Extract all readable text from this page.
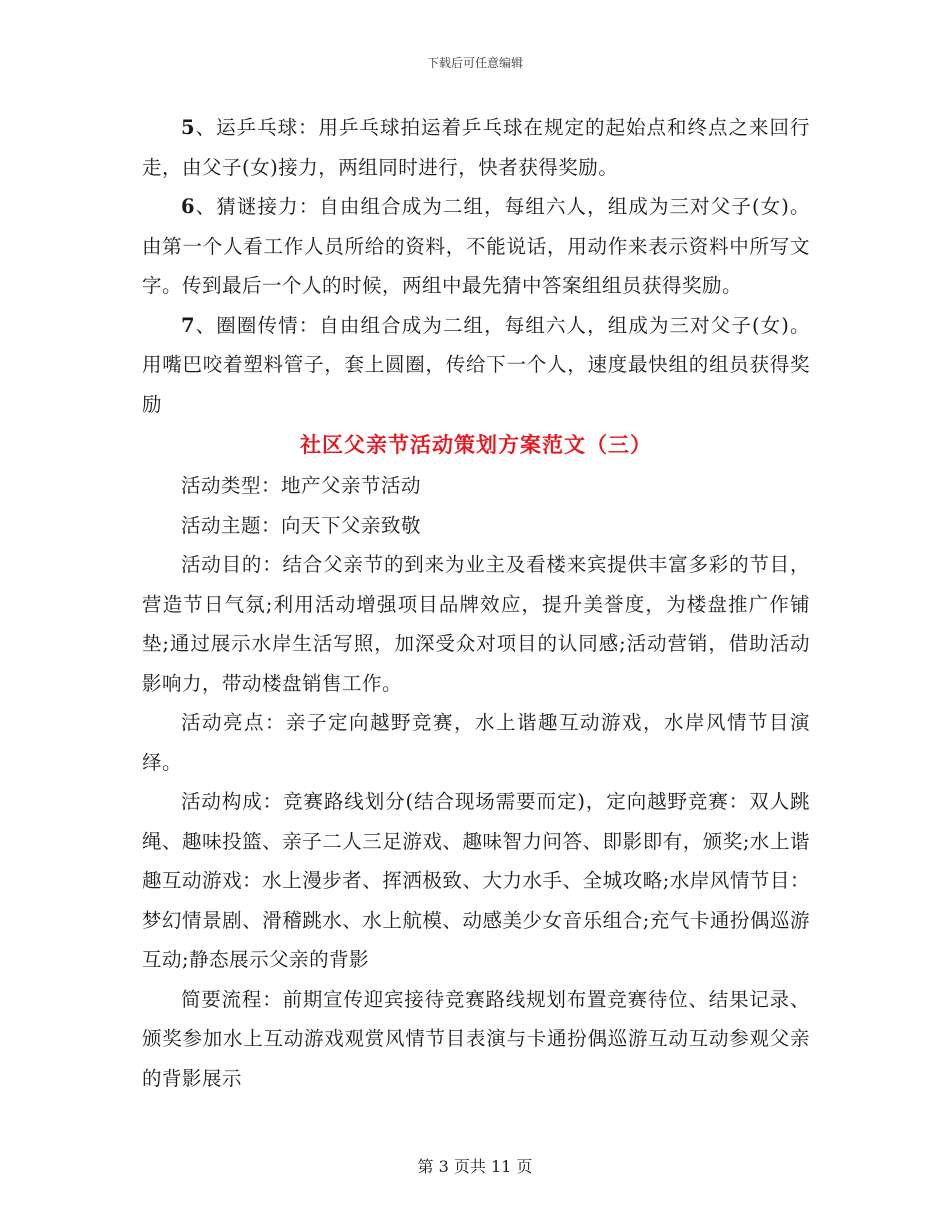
下载后可任意编辑

5、运乒乓球：用乒乓球拍运着乒乓球在规定的起始点和终点之来回行走，由父子(女)接力，两组同时进行，快者获得奖励。

6、猜谜接力：自由组合成为二组，每组六人，组成为三对父子(女)。由第一个人看工作人员所给的资料，不能说话，用动作来表示资料中所写文字。传到最后一个人的时候，两组中最先猜中答案组组员获得奖励。

7、圈圈传情：自由组合成为二组，每组六人，组成为三对父子(女)。用嘴巴咬着塑料管子，套上圆圈，传给下一个人，速度最快组的组员获得奖励

社区父亲节活动策划方案范文（三）

活动类型：地产父亲节活动

活动主题：向天下父亲致敬

活动目的：结合父亲节的到来为业主及看楼来宾提供丰富多彩的节目，营造节日气氛;利用活动增强项目品牌效应，提升美誉度，为楼盘推广作铺垫;通过展示水岸生活写照，加深受众对项目的认同感;活动营销，借助活动影响力，带动楼盘销售工作。

活动亮点：亲子定向越野竞赛，水上谐趣互动游戏，水岸风情节目演绎。

活动构成：竞赛路线划分(结合现场需要而定)，定向越野竞赛：双人跳绳、趣味投篮、亲子二人三足游戏、趣味智力问答、即影即有，颁奖;水上谐趣互动游戏：水上漫步者、挥洒极致、大力水手、全城攻略;水岸风情节目：梦幻情景剧、滑稽跳水、水上航模、动感美少女音乐组合;充气卡通扮偶巡游互动;静态展示父亲的背影

简要流程：前期宣传迎宾接待竞赛路线规划布置竞赛待位、结果记录、颁奖参加水上互动游戏观赏风情节目表演与卡通扮偶巡游互动互动参观父亲的背影展示

第 3 页共 11 页
